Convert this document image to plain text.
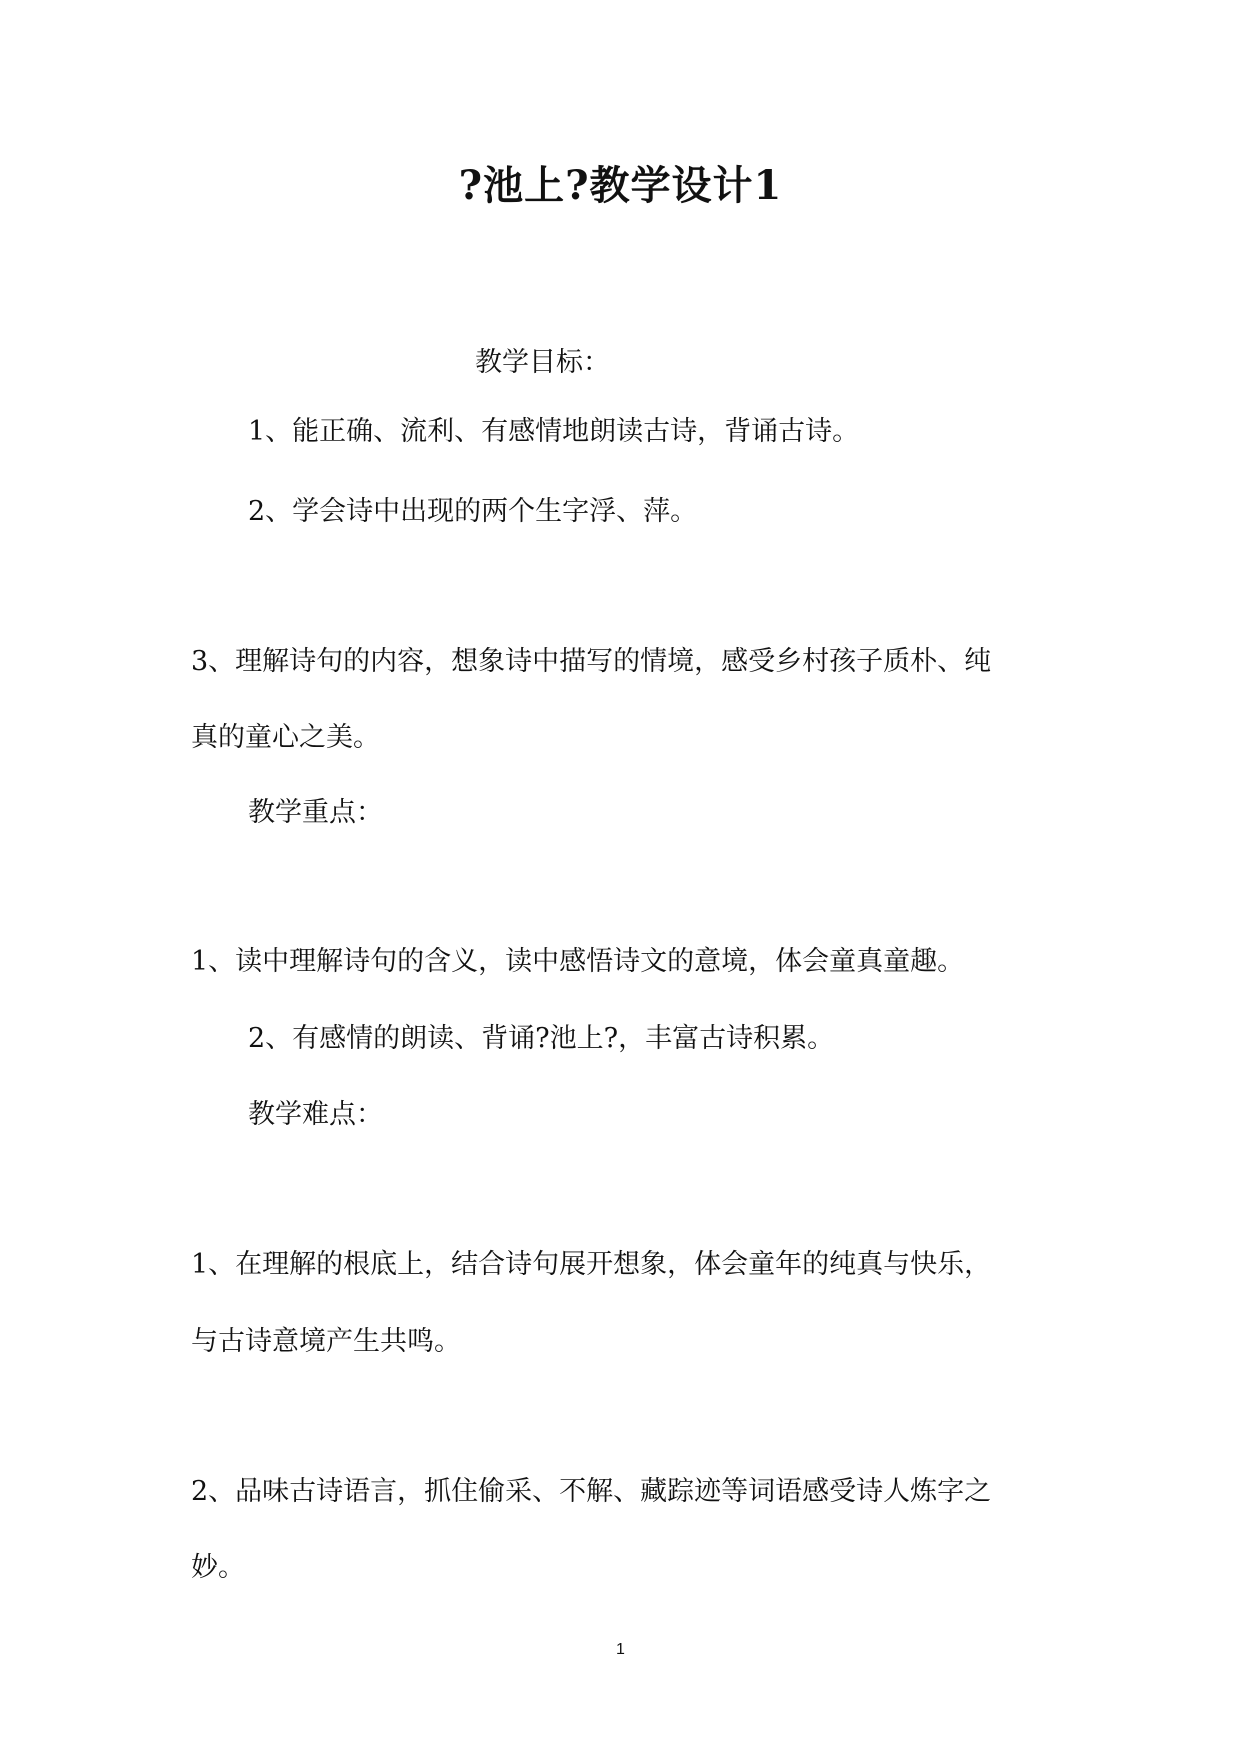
?池上?教学设计1
教学目标：
1、能正确、流利、有感情地朗读古诗，背诵古诗。
2、学会诗中出现的两个生字浮、萍。
3、理解诗句的内容，想象诗中描写的情境，感受乡村孩子质朴、纯
真的童心之美。
教学重点：
1、读中理解诗句的含义，读中感悟诗文的意境，体会童真童趣。
2、有感情的朗读、背诵?池上?，丰富古诗积累。
教学难点：
1、在理解的根底上，结合诗句展开想象，体会童年的纯真与快乐，
与古诗意境产生共鸣。
2、品味古诗语言，抓住偷采、不解、藏踪迹等词语感受诗人炼字之
妙。
1
